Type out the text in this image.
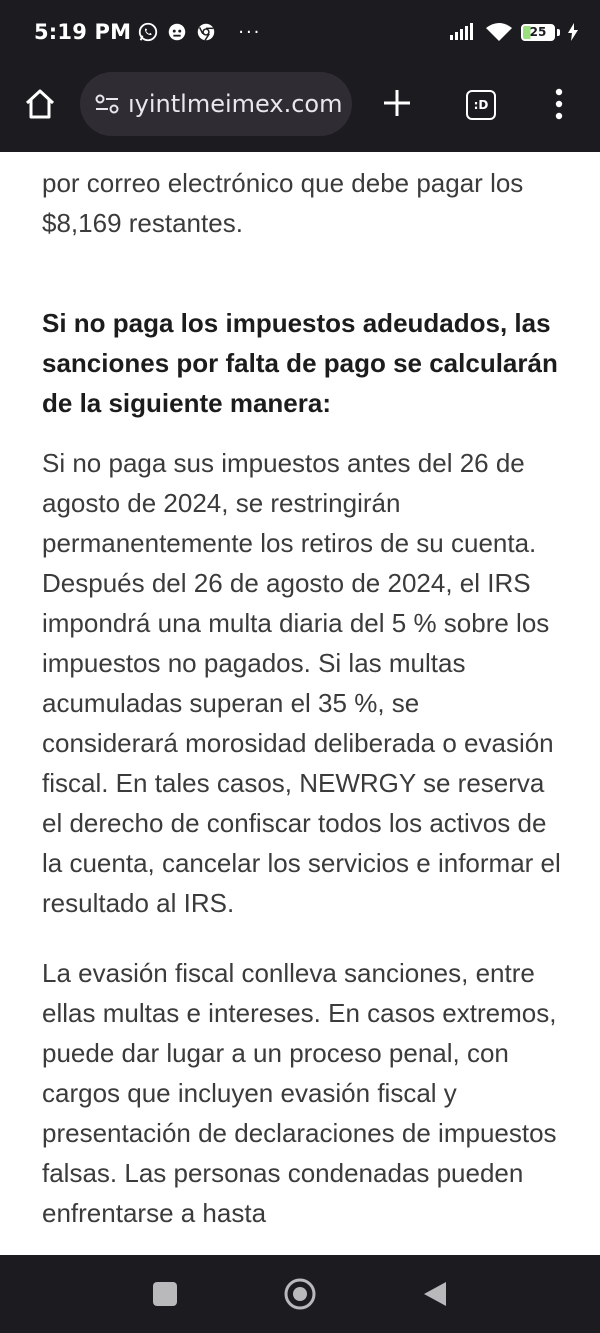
5:19 PM	···	25
ıyintlmeimex.com	:D

por correo electrónico que debe pagar los $8,169 restantes.

Si no paga los impuestos adeudados, las sanciones por falta de pago se calcularán de la siguiente manera:

Si no paga sus impuestos antes del 26 de agosto de 2024, se restringirán permanentemente los retiros de su cuenta. Después del 26 de agosto de 2024, el IRS impondrá una multa diaria del 5 % sobre los impuestos no pagados. Si las multas acumuladas superan el 35 %, se considerará morosidad deliberada o evasión fiscal. En tales casos, NEWRGY se reserva el derecho de confiscar todos los activos de la cuenta, cancelar los servicios e informar el resultado al IRS.

La evasión fiscal conlleva sanciones, entre ellas multas e intereses. En casos extremos, puede dar lugar a un proceso penal, con cargos que incluyen evasión fiscal y presentación de declaraciones de impuestos falsas. Las personas condenadas pueden enfrentarse a hasta
